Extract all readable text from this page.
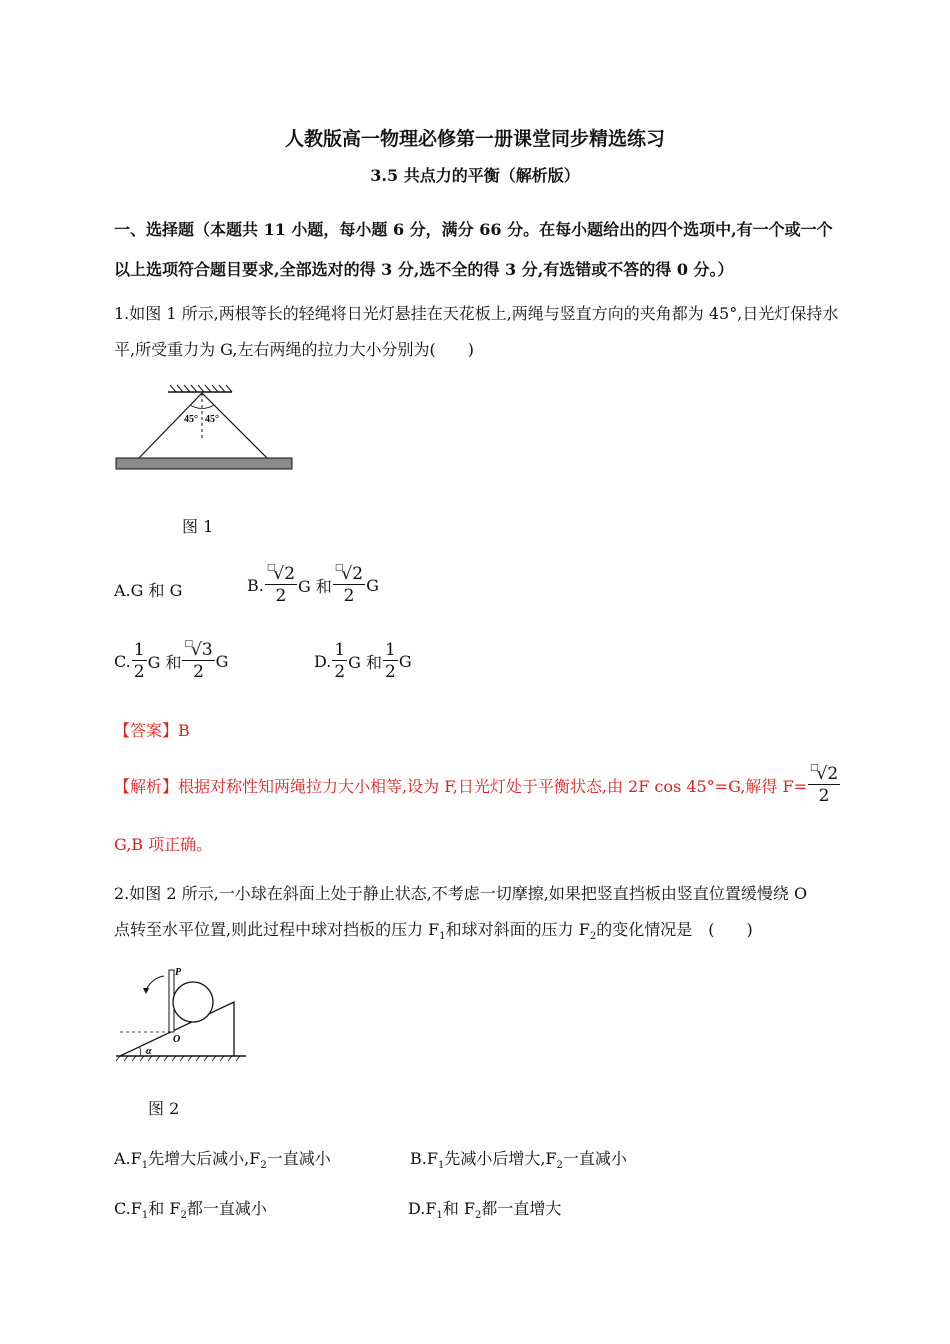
人教版高一物理必修第一册课堂同步精选练习
3.5 共点力的平衡（解析版）
一、选择题（本题共 11 小题，每小题 6 分，满分 66 分。在每小题给出的四个选项中,有一个或一个以上选项符合题目要求,全部选对的得 3 分,选不全的得 3 分,有选错或不答的得 0 分。）
1.如图 1 所示,两根等长的轻绳将日光灯悬挂在天花板上,两绳与竖直方向的夹角都为 45°,日光灯保持水平,所受重力为 G,左右两绳的拉力大小分别为(　　)
45° 45°
图 1
A.G 和 G	B. $\frac{^□√2}{2}$ G 和 $\frac{^□√2}{2}$ G
C. $\frac{1}{2}$ G 和 $\frac{^□√3}{2}$ G	D. $\frac{1}{2}$ G 和 $\frac{1}{2}$ G
【答案】B
【解析】 根据对称性知两绳拉力大小相等,设为 F,日光灯处于平衡状态,由 2F cos 45°=G,解得 $F= \frac{^□√2}{2}$
G,B 项正确。
2.如图 2 所示,一小球在斜面上处于静止状态,不考虑一切摩擦,如果把竖直挡板由竖直位置缓慢绕 O
点转至水平位置,则此过程中球对挡板的压力 $F_1$和球对斜面的压力 $F_2$的变化情况是　(　　)
P
O
α
图 2
$A.F_1$先增大后减小$,F_2$一直减小	$B.F_1$先减小后增大$,F_2$一直减小
$C.F_1$和 $F_2$都一直减小	$D.F_1$和 $F_2$都一直增大
